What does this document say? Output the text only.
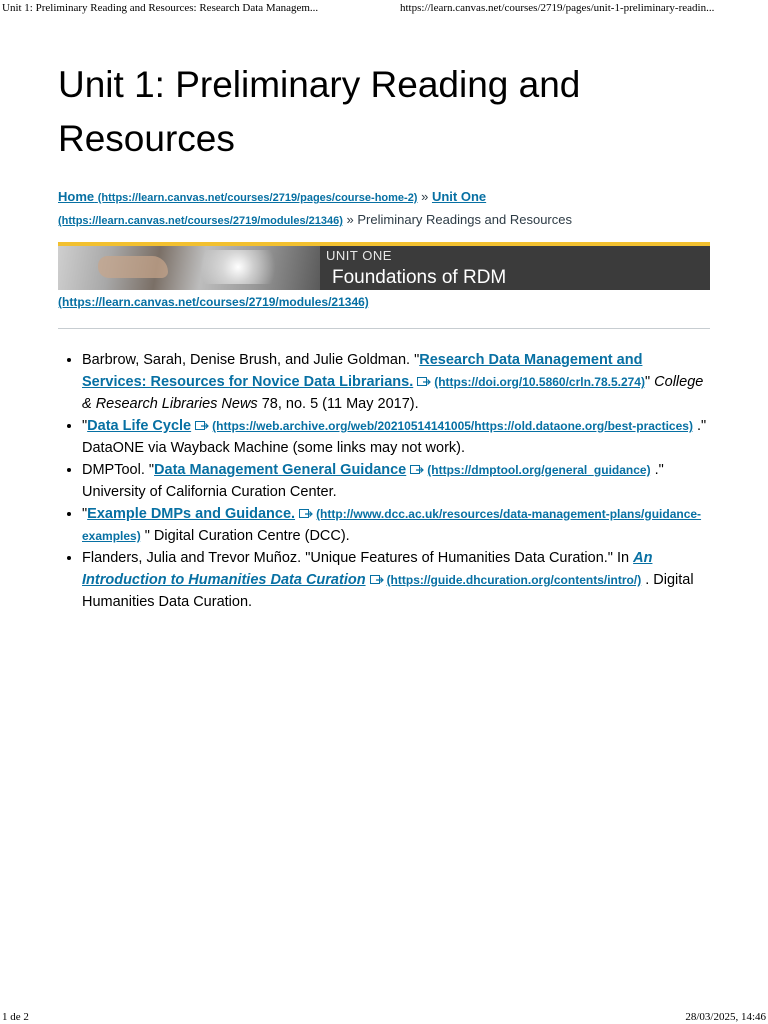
Unit 1: Preliminary Reading and Resources: Research Data Managem...	https://learn.canvas.net/courses/2719/pages/unit-1-preliminary-readin...
Unit 1: Preliminary Reading and Resources
Home (https://learn.canvas.net/courses/2719/pages/course-home-2) » Unit One (https://learn.canvas.net/courses/2719/modules/21346) » Preliminary Readings and Resources
UNIT ONE
Foundations of RDM
(https://learn.canvas.net/courses/2719/modules/21346)
• Barbrow, Sarah, Denise Brush, and Julie Goldman. "Research Data Management and Services: Resources for Novice Data Librarians. (https://doi.org/10.5860/crln.78.5.274)" College & Research Libraries News 78, no. 5 (11 May 2017).
• "Data Life Cycle (https://web.archive.org/web/20210514141005/https://old.dataone.org/best-practices) ." DataONE via Wayback Machine (some links may not work).
• DMPTool. "Data Management General Guidance (https://dmptool.org/general_guidance) ." University of California Curation Center.
• "Example DMPs and Guidance. (http://www.dcc.ac.uk/resources/data-management-plans/guidance-examples) " Digital Curation Centre (DCC).
• Flanders, Julia and Trevor Muñoz. "Unique Features of Humanities Data Curation." In An Introduction to Humanities Data Curation (https://guide.dhcuration.org/contents/intro/) . Digital Humanities Data Curation.
1 de 2	28/03/2025, 14:46
